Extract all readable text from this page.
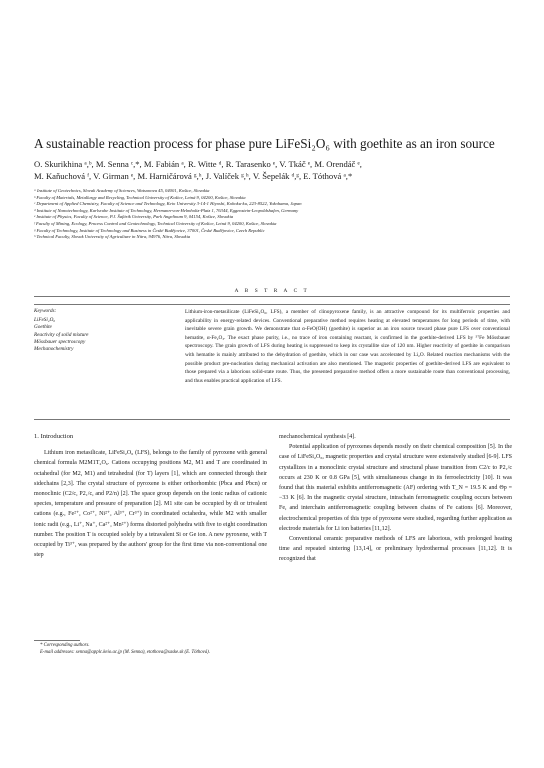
A sustainable reaction process for phase pure LiFeSi₂O₆ with goethite as an iron source
O. Skurikhina ᵃ,ᵇ, M. Senna ᶜ,*, M. Fabián ᵃ, R. Witte ᵈ, R. Tarasenko ᵉ, V. Tkáč ᵉ, M. Orendáč ᵉ,
M. Kaňuchová ᶠ, V. Girman ᵉ, M. Harničárová ᵍ,ʰ, J. Valíček ᵍ,ʰ, V. Šepelák ᵈ,ᵍ, E. Tóthová ᵃ,*
ᵃ Institute of Geotechnics, Slovak Academy of Sciences, Watsonova 45, 04001, Košice, Slovakia
ᵇ Faculty of Materials, Metallurgy and Recycling, Technical University of Košice, Letná 9, 04200, Košice, Slovakia
ᶜ Department of Applied Chemistry, Faculty of Science and Technology, Keio University 3-14-1 Hiyoshi, Kohoku-ku, 223-8522, Yokohama, Japan
ᵈ Institute of Nanotechnology, Karlsruhe Institute of Technology, Hermann-von-Helmholtz-Platz 1, 76344, Eggenstein-Leopoldshafen, Germany
ᵉ Institute of Physics, Faculty of Science, P.J. Šafárik University, Park Angelinum 9, 04154, Košice, Slovakia
ᶠ Faculty of Mining, Ecology, Process Control and Geotechnology, Technical University of Košice, Letná 9, 04200, Košice, Slovakia
ᵍ Faculty of Technology, Institute of Technology and Business in České Budějovice, 37001, České Budějovice, Czech Republic
ʰ Technical Faculty, Slovak University of Agriculture in Nitra, 94976, Nitra, Slovakia
A B S T R A C T
Keywords:
LiFeSi₂O₆
Goethite
Reactivity of solid mixture
Mössbauer spectroscopy
Mechanochemistry
Lithium-iron-metasilicate (LiFeSi₂O₆, LFS), a member of clinopyroxene family, is an attractive compound for its multiferroic properties and applicability in energy-related devices. Conventional preparative method requires heating at elevated temperatures for long periods of time, with inevitable severe grain growth. We demonstrate that α-FeO(OH) (goethite) is superior as an iron source toward phase pure LFS over conventional hematite, α-Fe₂O₃. The exact phase purity, i.e., no trace of iron containing reactant, is confirmed in the goethite-derived LFS by ⁵⁷Fe Mössbauer spectroscopy. The grain growth of LFS during heating is suppressed to keep its crystallite size of 120 nm. Higher reactivity of goethite in comparison with hematite is mainly attributed to the dehydration of goethite, which in our case was accelerated by Li₂O. Related reaction mechanisms with the possible product pre-nucleation during mechanical activation are also mentioned. The magnetic properties of goethite-derived LFS are equivalent to those prepared via a laborious solid-state route. Thus, the presented preparative method offers a more sustainable route than conventional processing, and thus enables practical application of LFS.
1. Introduction

Lithium iron metasilicate, LiFeSi₂O₆ (LFS), belongs to the family of pyroxene with general chemical formula M2M1T₂O₆. Cations occupying positions M2, M1 and T are coordinated in octahedral (for M2, M1) and tetrahedral (for T) layers [1], which are connected through their sidechains [2,3]. The crystal structure of pyroxene is either orthorhombic (Pbca and Pbcn) or monoclinic (C2/c, P2₁/c, and P2/n) [2]. The space group depends on the ionic radius of cationic species, temperature and pressure of preparation [2]. M1 site can be occupied by di or trivalent cations (e.g., Fe²⁺, Co²⁺, Ni²⁺, Al³⁺, Cr³⁺) in coordinated octahedra, while M2 with smaller ionic radii (e.g., Li⁺, Na⁺, Ca²⁺, Mn²⁺) forms distorted polyhedra with five to eight coordination number. The position T is occupied solely by a tetravalent Si or Ge ion. A new pyroxene, with T occupied by Ti³⁺, was prepared by the authors' group for the first time via non-conventional one step

mechanochemical synthesis [4].

Potential application of pyroxenes depends mostly on their chemical composition [5]. In the case of LiFeSi₂O₆, magnetic properties and crystal structure were extensively studied [6-9]. LFS crystallizes in a monoclinic crystal structure and structural phase transition from C2/c to P2₁/c occurs at 230 K or 0.8 GPa [5], with simultaneous change in its ferroelectricity [10]. It was found that this material exhibits antiferromagnetic (AF) ordering with T_N = 19.5 K and Θp = −33 K [6]. In the magnetic crystal structure, intrachain ferromagnetic coupling occurs between Fe, and interchain antiferromagnetic coupling between chains of Fe cations [6]. Moreover, electrochemical properties of this type of pyroxene were studied, regarding further application as electrode materials for Li ion batteries [11,12].

Conventional ceramic preparative methods of LFS are laborious, with prolonged heating time and repeated sintering [13,14], or preliminary hydrothermal processes [11,12]. It is recognized that

* Corresponding authors.
E-mail addresses: senna@applc.keio.ac.jp (M. Senna), etothova@saske.sk (E. Tóthová).
